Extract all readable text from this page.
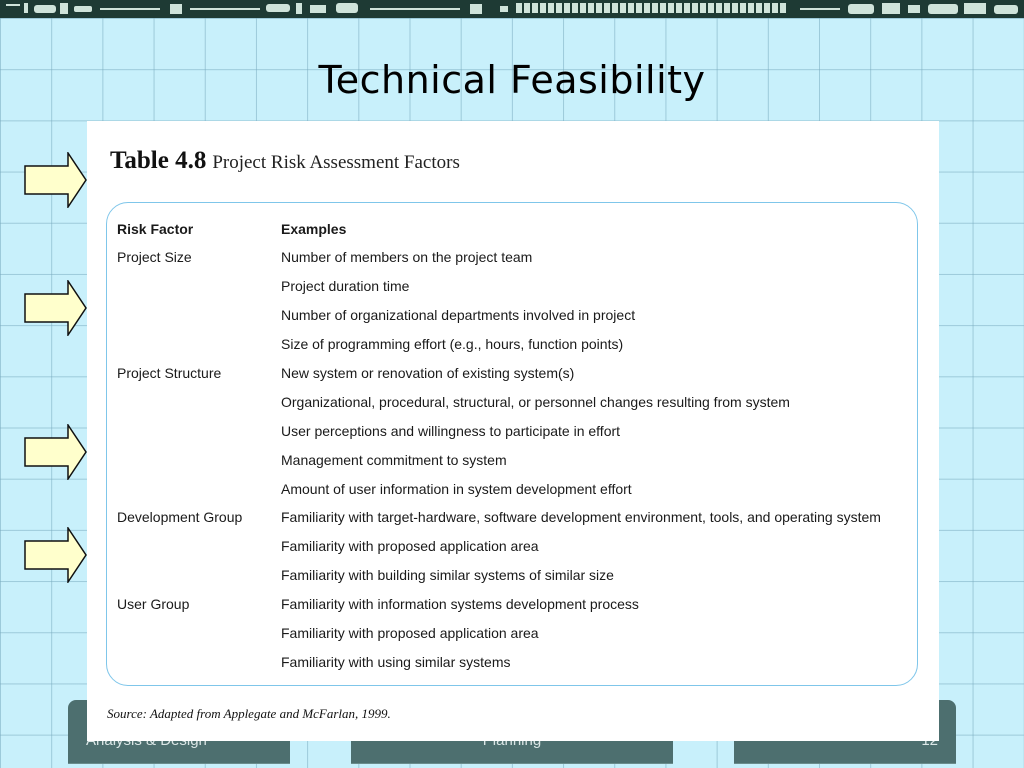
Technical Feasibility
Table 4.8 Project Risk Assessment Factors
Risk Factor	Examples
Project Size	Number of members on the project team
	Project duration time
	Number of organizational departments involved in project
	Size of programming effort (e.g., hours, function points)
Project Structure	New system or renovation of existing system(s)
	Organizational, procedural, structural, or personnel changes resulting from system
	User perceptions and willingness to participate in effort
	Management commitment to system
	Amount of user information in system development effort
Development Group	Familiarity with target-hardware, software development environment, tools, and operating system
	Familiarity with proposed application area
	Familiarity with building similar systems of similar size
User Group	Familiarity with information systems development process
	Familiarity with proposed application area
	Familiarity with using similar systems
Source: Adapted from Applegate and McFarlan, 1999.
